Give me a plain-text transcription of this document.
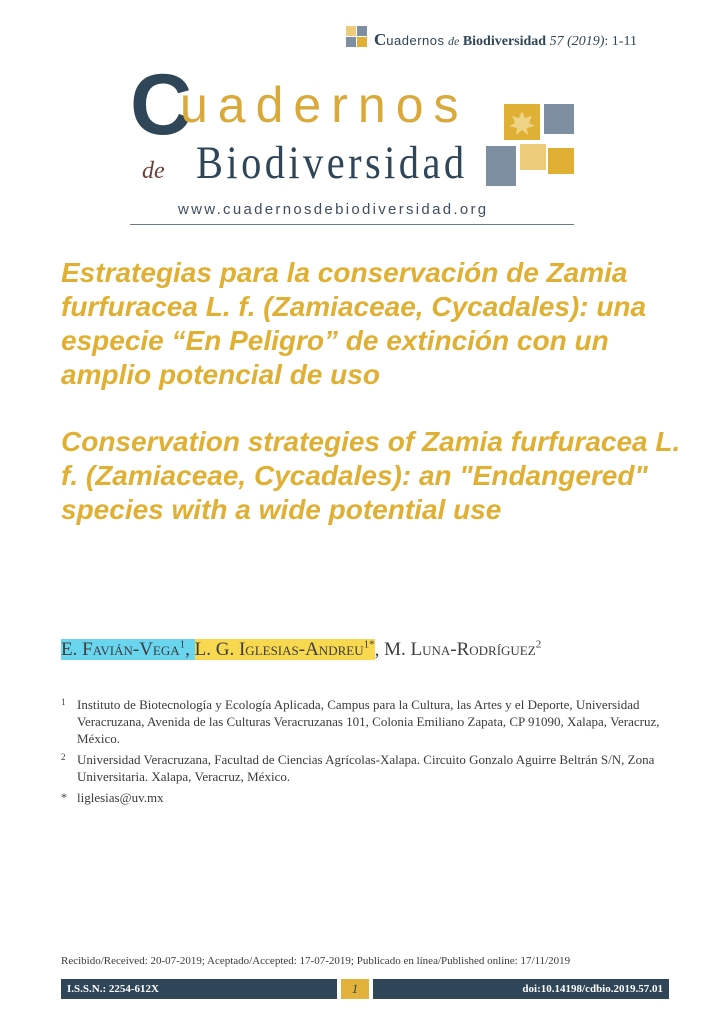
Cuadernos de Biodiversidad 57 (2019): 1-11
C
uadernos
de Biodiversidad
www.cuadernosdebiodiversidad.org
Estrategias para la conservación de Zamia furfuracea L. f. (Zamiaceae, Cycadales): una especie “En Peligro” de extinción con un amplio potencial de uso
Conservation strategies of Zamia furfuracea L. f. (Zamiaceae, Cycadales): an "Endangered" species with a wide potential use
E. Favián-Vega$^1$, L. G. Iglesias-Andreu$^{1*}$, M. Luna-Rodríguez$^2$
1 Instituto de Biotecnología y Ecología Aplicada, Campus para la Cultura, las Artes y el Deporte, Universidad Veracruzana, Avenida de las Culturas Veracruzanas 101, Colonia Emiliano Zapata, CP 91090, Xalapa, Veracruz, México.
2 Universidad Veracruzana, Facultad de Ciencias Agrícolas-Xalapa. Circuito Gonzalo Aguirre Beltrán S/N, Zona Universitaria. Xalapa, Veracruz, México.
* liglesias@uv.mx
Recibido/Received: 20-07-2019; Aceptado/Accepted: 17-07-2019; Publicado en línea/Published online: 17/11/2019
I.S.S.N.: 2254-612X	1	doi:10.14198/cdbio.2019.57.01
